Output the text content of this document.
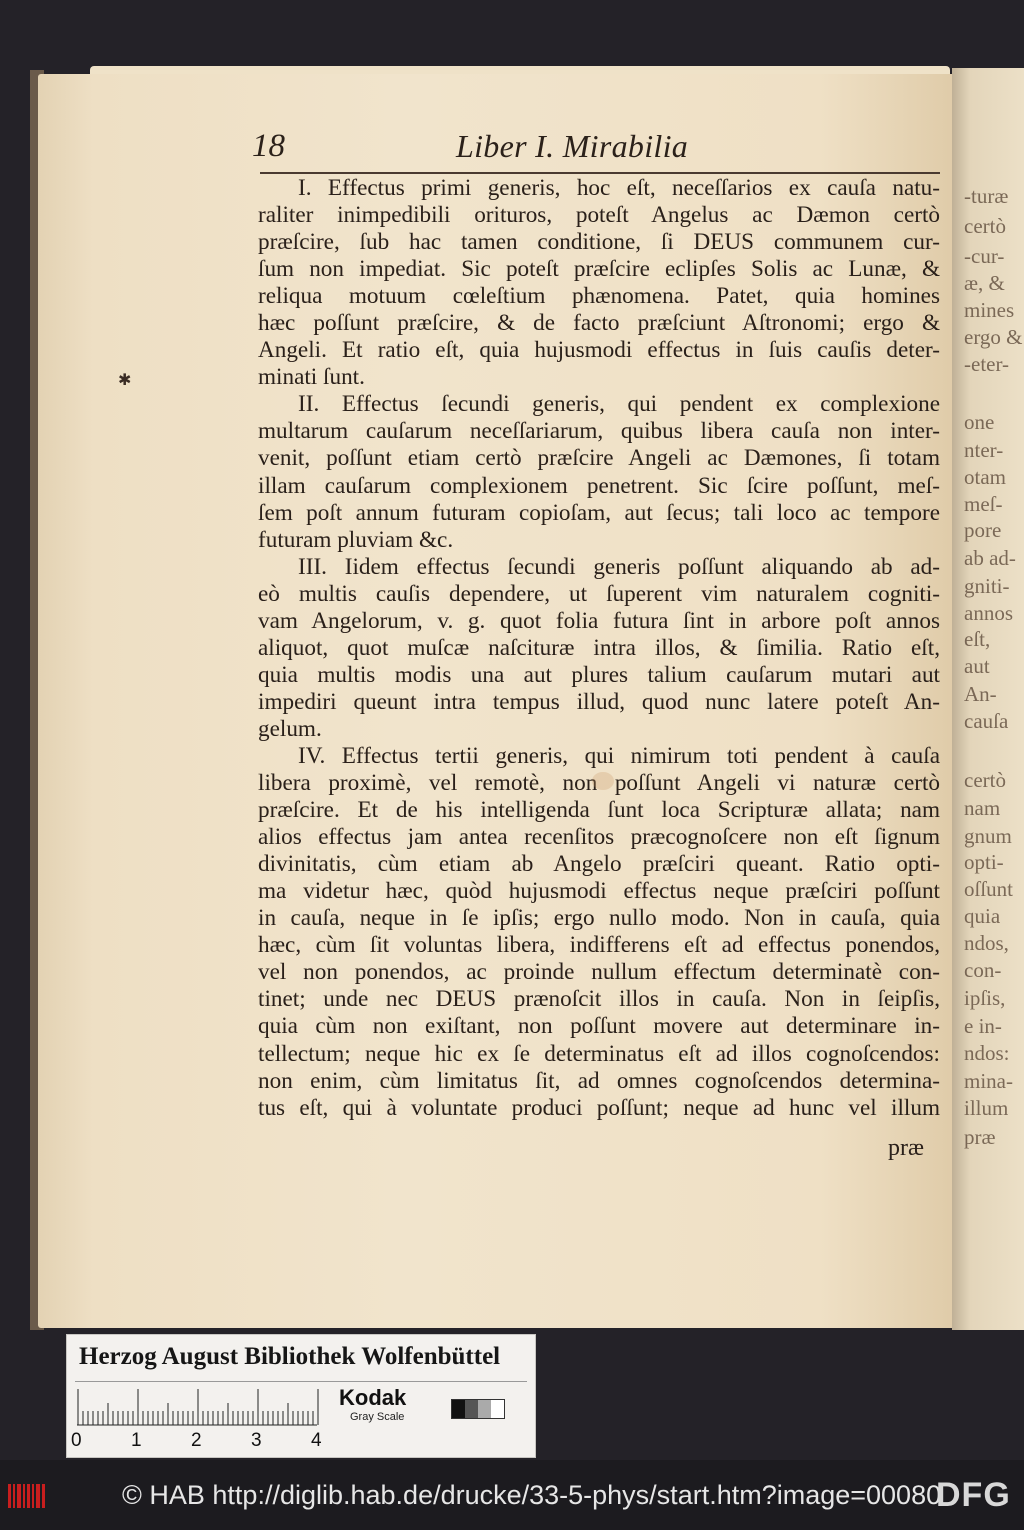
-turæ
certò
-cur-
æ, &
mines
ergo &
-eter-
one
nter-
otam
meſ-
pore
ab ad-
gniti-
annos
eſt,
aut
An-
cauſa
certò
nam
gnum
opti-
oſſunt
quia
ndos,
con-
ipſis,
e in-
ndos:
mina-
illum
præ
18	Liber I. Mirabilia
I. Effectus primi generis, hoc eſt, neceſſarios ex cauſa natu-
raliter inimpedibili orituros, poteſt Angelus ac Dæmon certò
præſcire, ſub hac tamen conditione, ſi DEUS communem cur-
ſum non impediat. Sic poteſt præſcire eclipſes Solis ac Lunæ, &
reliqua motuum cœleſtium phænomena. Patet, quia homines
hæc poſſunt præſcire, & de facto præſciunt Aſtronomi; ergo &
Angeli. Et ratio eſt, quia hujusmodi effectus in ſuis cauſis deter-
minati ſunt.
II. Effectus ſecundi generis, qui pendent ex complexione
multarum cauſarum neceſſariarum, quibus libera cauſa non inter-
venit, poſſunt etiam certò præſcire Angeli ac Dæmones, ſi totam
illam cauſarum complexionem penetrent. Sic ſcire poſſunt, meſ-
ſem poſt annum futuram copioſam, aut ſecus; tali loco ac tempore
futuram pluviam &c.
III. Iidem effectus ſecundi generis poſſunt aliquando ab ad-
eò multis cauſis dependere, ut ſuperent vim naturalem cogniti-
vam Angelorum, v. g. quot folia futura ſint in arbore poſt annos
aliquot, quot muſcæ naſcituræ intra illos, & ſimilia. Ratio eſt,
quia multis modis una aut plures talium cauſarum mutari aut
impediri queunt intra tempus illud, quod nunc latere poteſt An-
gelum.
IV. Effectus tertii generis, qui nimirum toti pendent à cauſa
libera proximè, vel remotè, non poſſunt Angeli vi naturæ certò
præſcire. Et de his intelligenda ſunt loca Scripturæ allata; nam
alios effectus jam antea recenſitos præcognoſcere non eſt ſignum
divinitatis, cùm etiam ab Angelo præſciri queant. Ratio opti-
ma videtur hæc, quòd hujusmodi effectus neque præſciri poſſunt
in cauſa, neque in ſe ipſis; ergo nullo modo. Non in cauſa, quia
hæc, cùm ſit voluntas libera, indifferens eſt ad effectus ponendos,
vel non ponendos, ac proinde nullum effectum determinatè con-
tinet; unde nec DEUS prænoſcit illos in cauſa. Non in ſeipſis,
quia cùm non exiſtant, non poſſunt movere aut determinare in-
tellectum; neque hic ex ſe determinatus eſt ad illos cognoſcendos:
non enim, cùm limitatus ſit, ad omnes cognoſcendos determina-
tus eſt, qui à voluntate produci poſſunt; neque ad hunc vel illum
præ
✱
Herzog August Bibliothek Wolfenbüttel
0	1	2	3	4
Kodak
Gray Scale
© HAB http://diglib.hab.de/drucke/33-5-phys/start.htm?image=00080
DFG
